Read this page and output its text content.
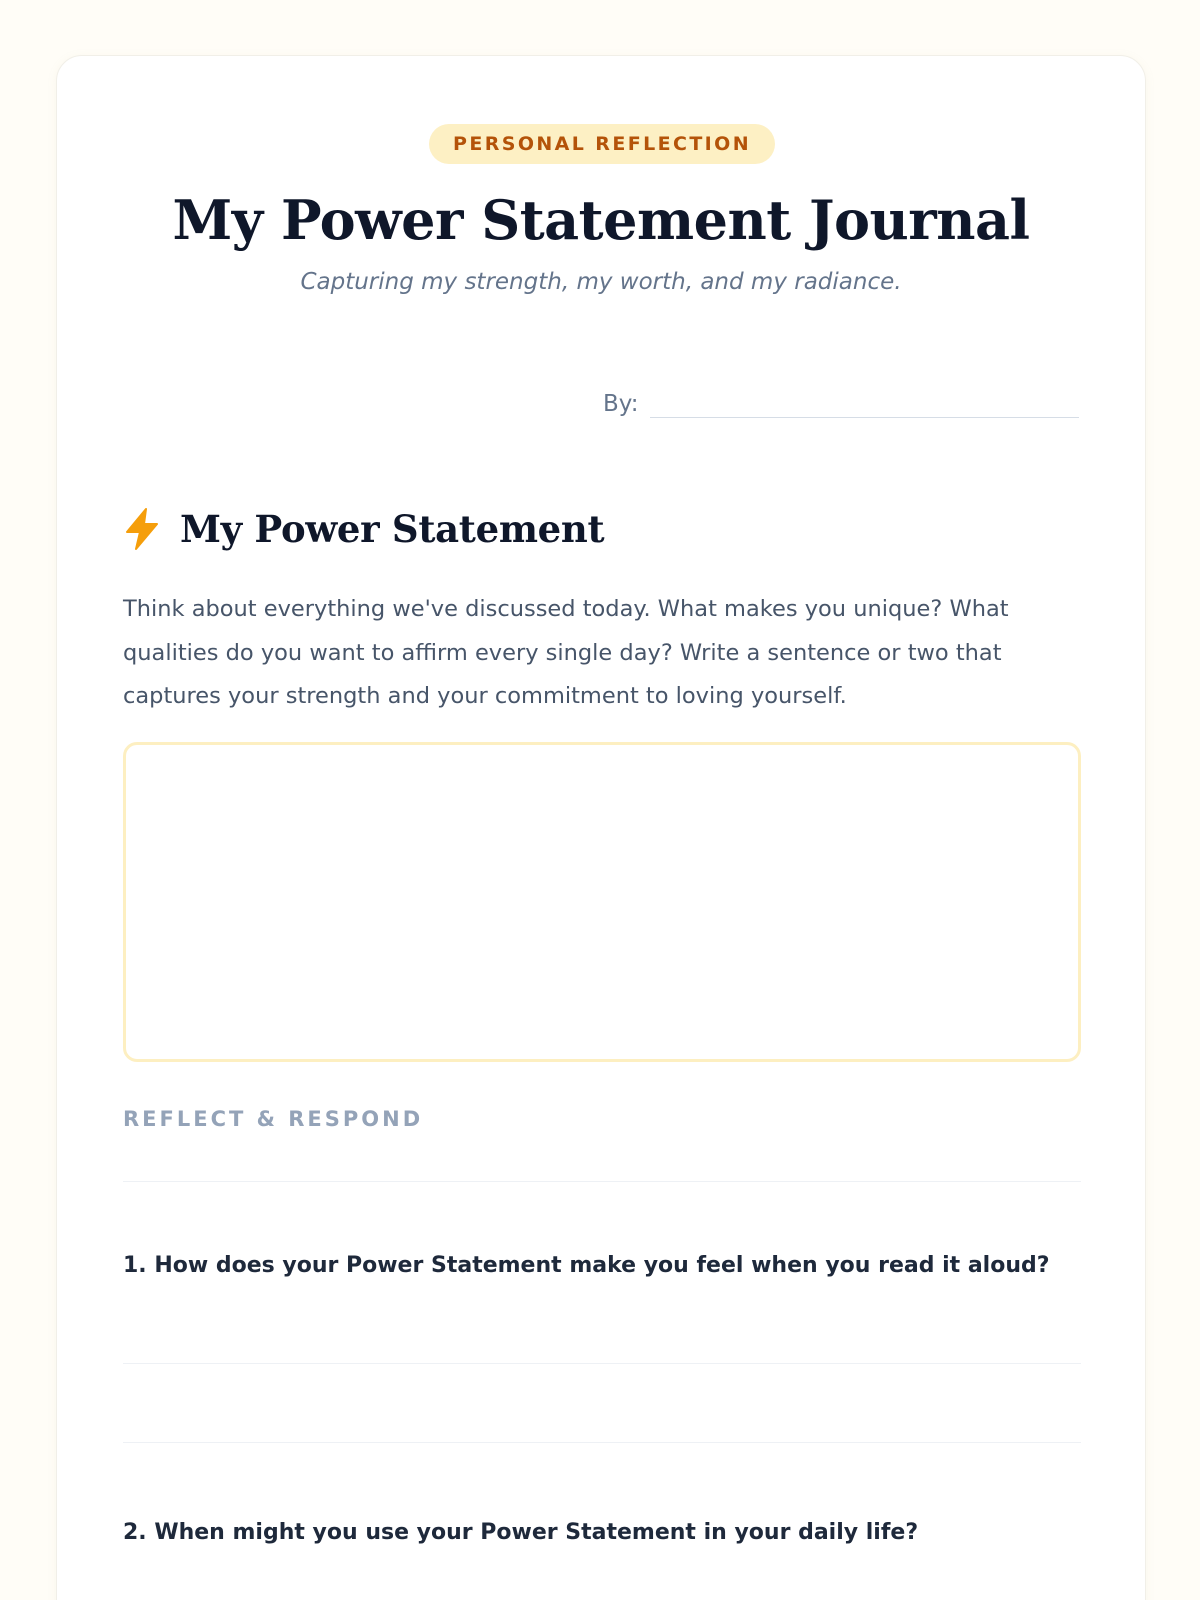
PERSONAL REFLECTION
My Power Statement Journal
Capturing my strength, my worth, and my radiance.
By:
My Power Statement

Think about everything we've discussed today. What makes you unique? What qualities do you want to affirm every single day? Write a sentence or two that captures your strength and your commitment to loving yourself.

REFLECT & RESPOND
1. How does your Power Statement make you feel when you read it aloud?
2. When might you use your Power Statement in your daily life?
